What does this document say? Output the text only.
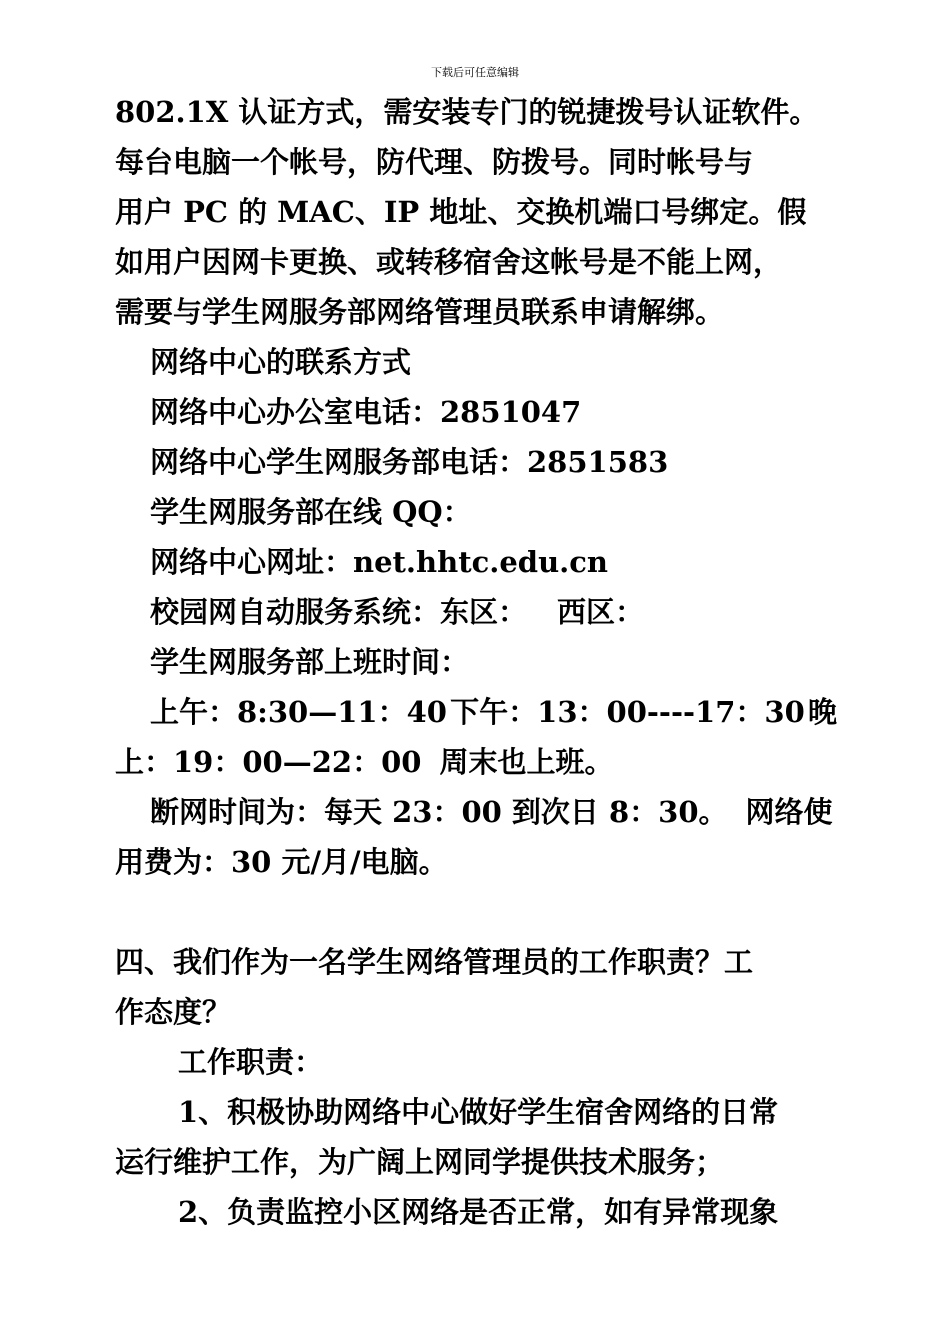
下载后可任意编辑
802.1X 认证方式，需安装专门的锐捷拨号认证软件。
每台电脑一个帐号，防代理、防拨号。同时帐号与
用户 PC 的 MAC、IP 地址、交换机端口号绑定。假
如用户因网卡更换、或转移宿舍这帐号是不能上网，
需要与学生网服务部网络管理员联系申请解绑。
网络中心的联系方式
网络中心办公室电话：2851047
网络中心学生网服务部电话：2851583
学生网服务部在线 QQ：
网络中心网址：net.hhtc.edu.cn
校园网自动服务系统：东区： 西区：
学生网服务部上班时间：
上午：8:30—11：40 下午：13：00----17：30 晚
上：19：00—22：00 周末也上班。
断网时间为：每天 23：00 到次日 8：30。 网络使
用费为：30 元/月/电脑。
四、我们作为一名学生网络管理员的工作职责？工
作态度？
工作职责：
1、积极协助网络中心做好学生宿舍网络的日常
运行维护工作，为广阔上网同学提供技术服务；
2、负责监控小区网络是否正常，如有异常现象
